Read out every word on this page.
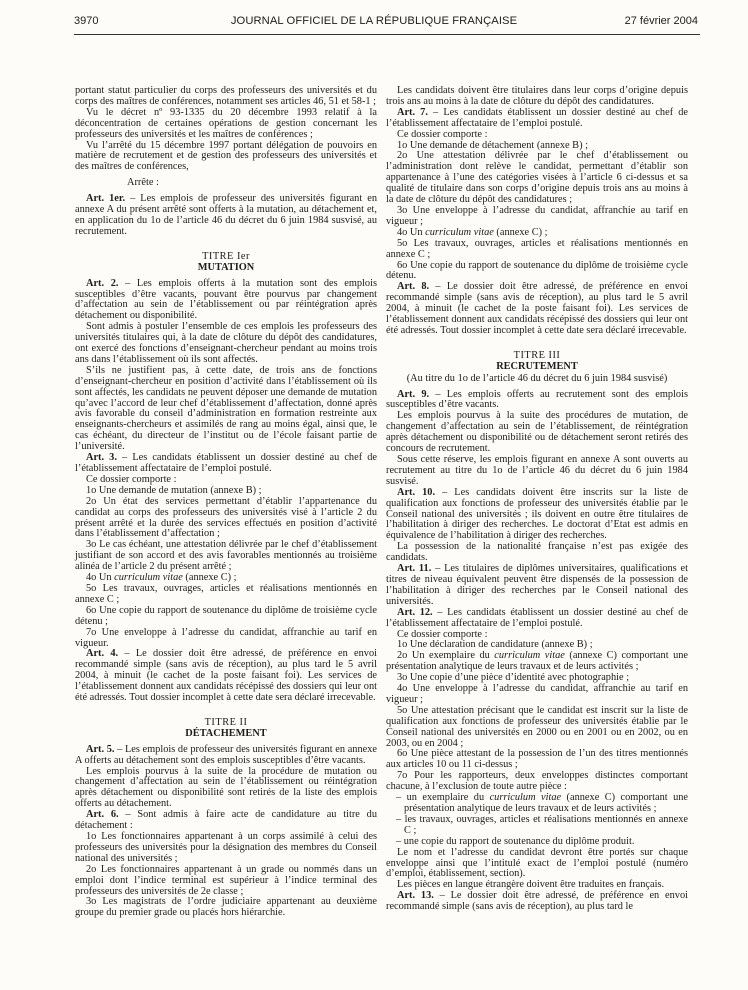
3970	JOURNAL OFFICIEL DE LA RÉPUBLIQUE FRANÇAISE	27 février 2004

portant statut particulier du corps des professeurs des universités et du corps des maîtres de conférences, notamment ses articles 46, 51 et 58-1 ;

Vu le décret nº 93-1335 du 20 décembre 1993 relatif à la déconcentration de certaines opérations de gestion concernant les professeurs des universités et les maîtres de conférences ;

Vu l’arrêté du 15 décembre 1997 portant délégation de pouvoirs en matière de recrutement et de gestion des professeurs des universités et des maîtres de conférences,

Arrête :

Art. 1er. – Les emplois de professeur des universités figurant en annexe A du présent arrêté sont offerts à la mutation, au détachement et, en application du 1o de l’article 46 du décret du 6 juin 1984 susvisé, au recrutement.

TITRE Ier

MUTATION

Art. 2. – Les emplois offerts à la mutation sont des emplois susceptibles d’être vacants, pouvant être pourvus par changement d’affectation au sein de l’établissement ou par réintégration après détachement ou disponibilité.

Sont admis à postuler l’ensemble de ces emplois les professeurs des universités titulaires qui, à la date de clôture du dépôt des candidatures, ont exercé des fonctions d’enseignant-chercheur pendant au moins trois ans dans l’établissement où ils sont affectés.

S’ils ne justifient pas, à cette date, de trois ans de fonctions d’enseignant-chercheur en position d’activité dans l’établissement où ils sont affectés, les candidats ne peuvent déposer une demande de mutation qu’avec l’accord de leur chef d’établissement d’affectation, donné après avis favorable du conseil d’administration en formation restreinte aux enseignants-chercheurs et assimilés de rang au moins égal, ainsi que, le cas échéant, du directeur de l’institut ou de l’école faisant partie de l’université.

Art. 3. – Les candidats établissent un dossier destiné au chef de l’établissement affectataire de l’emploi postulé.

Ce dossier comporte :

1o Une demande de mutation (annexe B) ;

2o Un état des services permettant d’établir l’appartenance du candidat au corps des professeurs des universités visé à l’article 2 du présent arrêté et la durée des services effectués en position d’activité dans l’établissement d’affectation ;

3o Le cas échéant, une attestation délivrée par le chef d’établissement justifiant de son accord et des avis favorables mentionnés au troisième alinéa de l’article 2 du présent arrêté ;

4o Un curriculum vitae (annexe C) ;

5o Les travaux, ouvrages, articles et réalisations mentionnés en annexe C ;

6o Une copie du rapport de soutenance du diplôme de troisième cycle détenu ;

7o Une enveloppe à l’adresse du candidat, affranchie au tarif en vigueur.

Art. 4. – Le dossier doit être adressé, de préférence en envoi recommandé simple (sans avis de réception), au plus tard le 5 avril 2004, à minuit (le cachet de la poste faisant foi). Les services de l’établissement donnent aux candidats récépissé des dossiers qui leur ont été adressés. Tout dossier incomplet à cette date sera déclaré irrecevable.

TITRE II

DÉTACHEMENT

Art. 5. – Les emplois de professeur des universités figurant en annexe A offerts au détachement sont des emplois susceptibles d’être vacants.

Les emplois pourvus à la suite de la procédure de mutation ou changement d’affectation au sein de l’établissement ou réintégration après détachement ou disponibilité sont retirés de la liste des emplois offerts au détachement.

Art. 6. – Sont admis à faire acte de candidature au titre du détachement :

1o Les fonctionnaires appartenant à un corps assimilé à celui des professeurs des universités pour la désignation des membres du Conseil national des universités ;

2o Les fonctionnaires appartenant à un grade ou nommés dans un emploi dont l’indice terminal est supérieur à l’indice terminal des professeurs des universités de 2e classe ;

3o Les magistrats de l’ordre judiciaire appartenant au deuxième groupe du premier grade ou placés hors hiérarchie.

Les candidats doivent être titulaires dans leur corps d’origine depuis trois ans au moins à la date de clôture du dépôt des candidatures.

Art. 7. – Les candidats établissent un dossier destiné au chef de l’établissement affectataire de l’emploi postulé.

Ce dossier comporte :

1o Une demande de détachement (annexe B) ;

2o Une attestation délivrée par le chef d’établissement ou l’administration dont relève le candidat, permettant d’établir son appartenance à l’une des catégories visées à l’article 6 ci-dessus et sa qualité de titulaire dans son corps d’origine depuis trois ans au moins à la date de clôture du dépôt des candidatures ;

3o Une enveloppe à l’adresse du candidat, affranchie au tarif en vigueur ;

4o Un curriculum vitae (annexe C) ;

5o Les travaux, ouvrages, articles et réalisations mentionnés en annexe C ;

6o Une copie du rapport de soutenance du diplôme de troisième cycle détenu.

Art. 8. – Le dossier doit être adressé, de préférence en envoi recommandé simple (sans avis de réception), au plus tard le 5 avril 2004, à minuit (le cachet de la poste faisant foi). Les services de l’établissement donnent aux candidats récépissé des dossiers qui leur ont été adressés. Tout dossier incomplet à cette date sera déclaré irrecevable.

TITRE III

RECRUTEMENT

(Au titre du 1o de l’article 46 du décret du 6 juin 1984 susvisé)

Art. 9. – Les emplois offerts au recrutement sont des emplois susceptibles d’être vacants.

Les emplois pourvus à la suite des procédures de mutation, de changement d’affectation au sein de l’établissement, de réintégration après détachement ou disponibilité ou de détachement seront retirés des concours de recrutement.

Sous cette réserve, les emplois figurant en annexe A sont ouverts au recrutement au titre du 1o de l’article 46 du décret du 6 juin 1984 susvisé.

Art. 10. – Les candidats doivent être inscrits sur la liste de qualification aux fonctions de professeur des universités établie par le Conseil national des universités ; ils doivent en outre être titulaires de l’habilitation à diriger des recherches. Le doctorat d’Etat est admis en équivalence de l’habilitation à diriger des recherches.

La possession de la nationalité française n’est pas exigée des candidats.

Art. 11. – Les titulaires de diplômes universitaires, qualifications et titres de niveau équivalent peuvent être dispensés de la possession de l’habilitation à diriger des recherches par le Conseil national des universités.

Art. 12. – Les candidats établissent un dossier destiné au chef de l’établissement affectataire de l’emploi postulé.

Ce dossier comporte :

1o Une déclaration de candidature (annexe B) ;

2o Un exemplaire du curriculum vitae (annexe C) comportant une présentation analytique de leurs travaux et de leurs activités ;

3o Une copie d’une pièce d’identité avec photographie ;

4o Une enveloppe à l’adresse du candidat, affranchie au tarif en vigueur ;

5o Une attestation précisant que le candidat est inscrit sur la liste de qualification aux fonctions de professeur des universités établie par le Conseil national des universités en 2000 ou en 2001 ou en 2002, ou en 2003, ou en 2004 ;

6o Une pièce attestant de la possession de l’un des titres mentionnés aux articles 10 ou 11 ci-dessus ;

7o Pour les rapporteurs, deux enveloppes distinctes comportant chacune, à l’exclusion de toute autre pièce :

– un exemplaire du curriculum vitae (annexe C) comportant une présentation analytique de leurs travaux et de leurs activités ;

– les travaux, ouvrages, articles et réalisations mentionnés en annexe C ;

– une copie du rapport de soutenance du diplôme produit.

Le nom et l’adresse du candidat devront être portés sur chaque enveloppe ainsi que l’intitulé exact de l’emploi postulé (numéro d’emploi, établissement, section).

Les pièces en langue étrangère doivent être traduites en français.

Art. 13. – Le dossier doit être adressé, de préférence en envoi recommandé simple (sans avis de réception), au plus tard le
